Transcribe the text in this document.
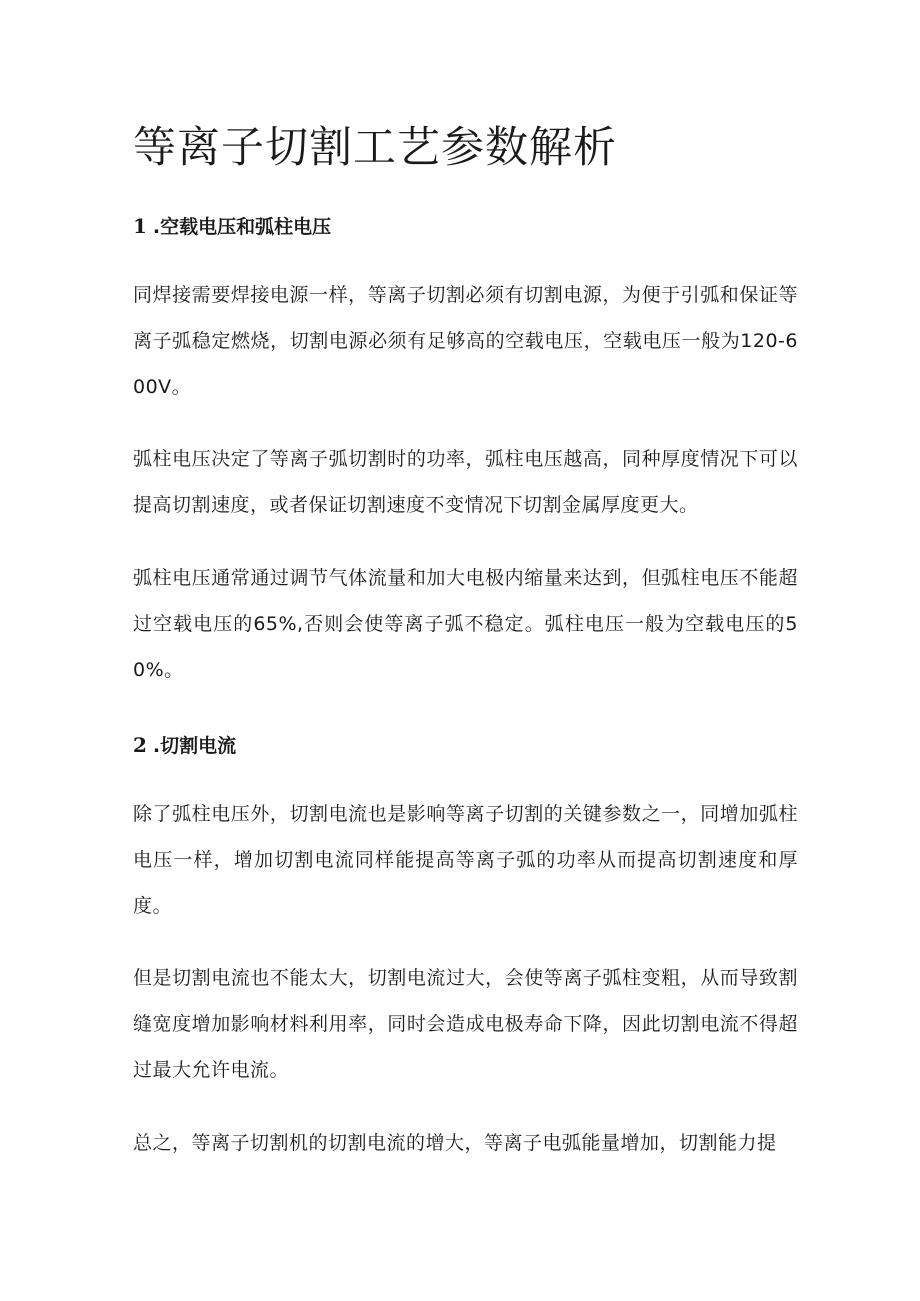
等离子切割工艺参数解析
1 .空载电压和弧柱电压

同焊接需要焊接电源一样，等离子切割必须有切割电源，为便于引弧和保证等离子弧稳定燃烧，切割电源必须有足够高的空载电压，空载电压一般为120-600V。

弧柱电压决定了等离子弧切割时的功率，弧柱电压越高，同种厚度情况下可以提高切割速度，或者保证切割速度不变情况下切割金属厚度更大。

弧柱电压通常通过调节气体流量和加大电极内缩量来达到，但弧柱电压不能超过空载电压的65%,否则会使等离子弧不稳定。弧柱电压一般为空载电压的50%。

2 .切割电流

除了弧柱电压外，切割电流也是影响等离子切割的关键参数之一，同增加弧柱电压一样，增加切割电流同样能提高等离子弧的功率从而提高切割速度和厚度。

但是切割电流也不能太大，切割电流过大，会使等离子弧柱变粗，从而导致割缝宽度增加影响材料利用率，同时会造成电极寿命下降，因此切割电流不得超过最大允许电流。

总之，等离子切割机的切割电流的增大，等离子电弧能量增加，切割能力提
